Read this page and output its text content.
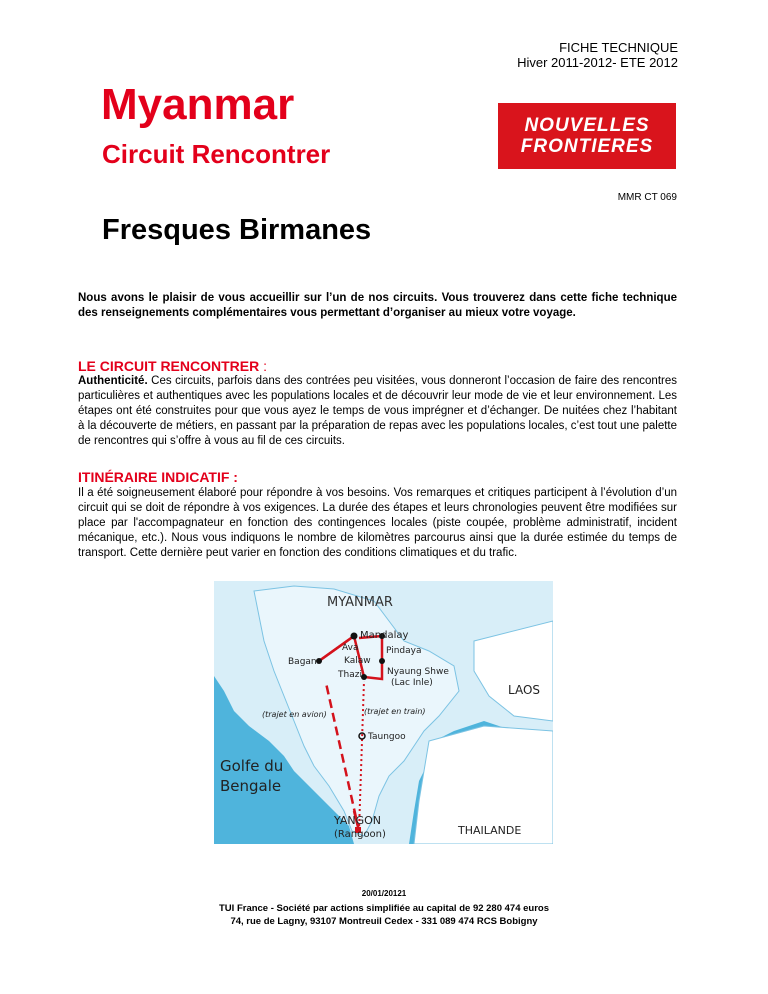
FICHE TECHNIQUE
Hiver 2011-2012- ETE 2012
Myanmar
Circuit Rencontrer
NOUVELLES
FRONTIERES
MMR CT 069
Fresques Birmanes
Nous avons le plaisir de vous accueillir sur l’un de nos circuits. Vous trouverez dans cette fiche technique des renseignements complémentaires vous permettant d’organiser au mieux votre voyage.
LE CIRCUIT RENCONTRER :
Authenticité. Ces circuits, parfois dans des contrées peu visitées, vous donneront l’occasion de faire des rencontres particulières et authentiques avec les populations locales et de découvrir leur mode de vie et leur environnement. Les étapes ont été construites pour que vous ayez le temps de vous imprégner et d’échanger. De nuitées chez l’habitant à la découverte de métiers, en passant par la préparation de repas avec les populations locales, c’est tout une palette de rencontres qui s’offre à vous au fil de ces circuits.
ITINÉRAIRE INDICATIF :
Il a été soigneusement élaboré pour répondre à vos besoins. Vos remarques et critiques participent à l’évolution d’un circuit qui se doit de répondre à vos exigences. La durée des étapes et leurs chronologies peuvent être modifiées sur place par l'accompagnateur en fonction des contingences locales (piste coupée, problème administratif, incident mécanique, etc.). Nous vous indiquons le nombre de kilomètres parcourus ainsi que la durée estimée du temps de transport. Cette dernière peut varier en fonction des conditions climatiques et du trafic.
MYANMAR
Mandalay
Ava	Pindaya
Bagan	Kalaw
Thazi	Nyaung Shwe
(Lac Inle)	LAOS
(trajet en avion)	(trajet en train)
Taungoo
Golfe du
Bengale
YANGON
(Rangoon)	THAILANDE
20/01/20121
TUI France - Société par actions simplifiée au capital de 92 280 474 euros
74, rue de Lagny, 93107 Montreuil Cedex - 331 089 474 RCS Bobigny
